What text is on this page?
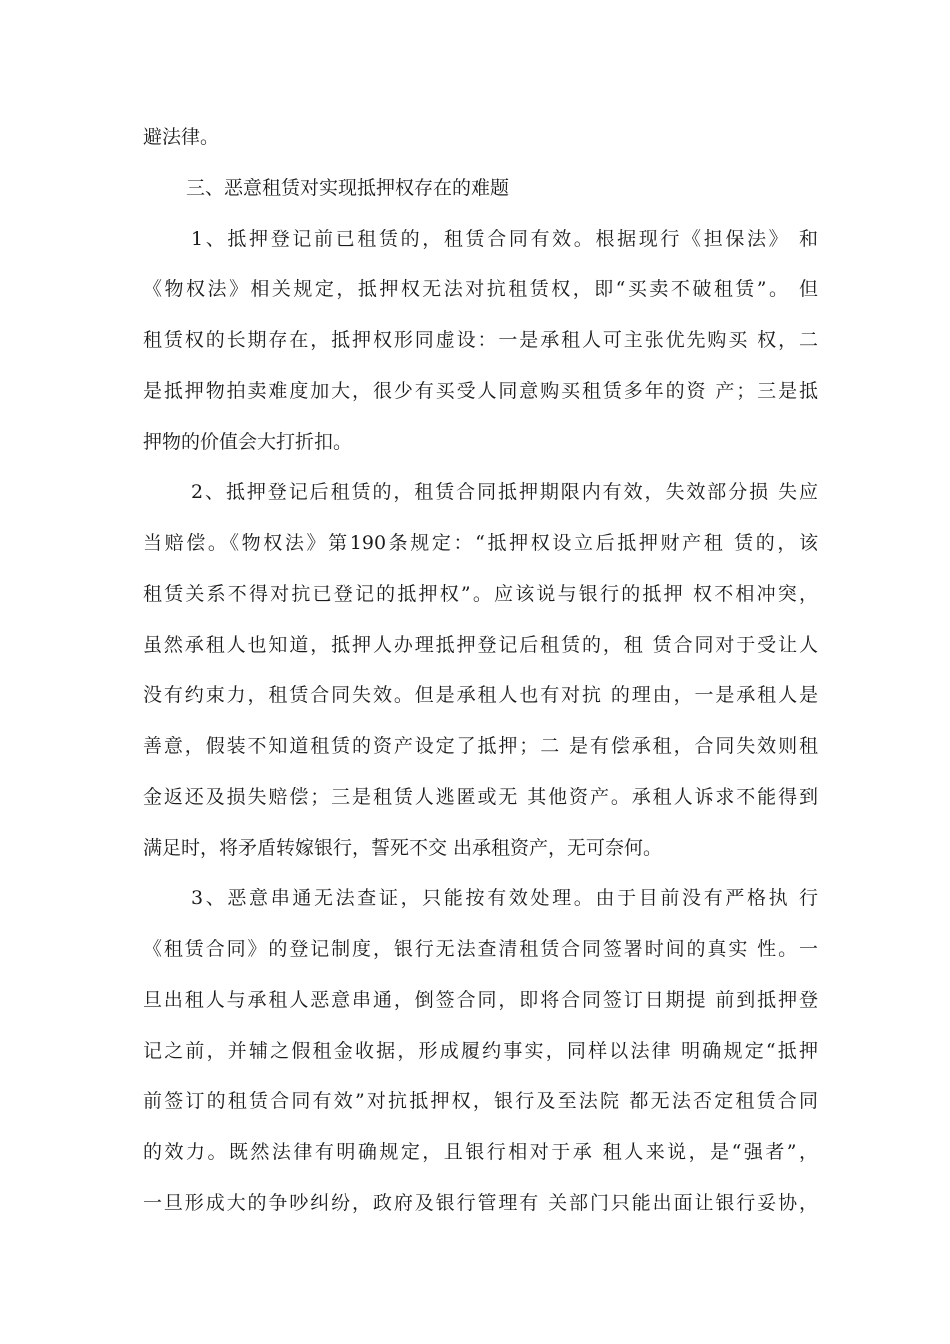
避法律。
三、恶意租赁对实现抵押权存在的难题
1、抵押登记前已租赁的，租赁合同有效。根据现行《担保法》 和
《物权法》相关规定，抵押权无法对抗租赁权，即“买卖不破租赁”。 但
租赁权的长期存在，抵押权形同虚设：一是承租人可主张优先购买 权，二
是抵押物拍卖难度加大，很少有买受人同意购买租赁多年的资 产；三是抵
押物的价值会大打折扣。
2、抵押登记后租赁的，租赁合同抵押期限内有效，失效部分损 失应
当赔偿。《物权法》第190条规定：“抵押权设立后抵押财产租 赁的，该
租赁关系不得对抗已登记的抵押权”。应该说与银行的抵押 权不相冲突，
虽然承租人也知道，抵押人办理抵押登记后租赁的，租 赁合同对于受让人
没有约束力，租赁合同失效。但是承租人也有对抗 的理由，一是承租人是
善意，假装不知道租赁的资产设定了抵押；二 是有偿承租，合同失效则租
金返还及损失赔偿；三是租赁人逃匿或无 其他资产。承租人诉求不能得到
满足时，将矛盾转嫁银行，誓死不交 出承租资产，无可奈何。
3、恶意串通无法查证，只能按有效处理。由于目前没有严格执 行
《租赁合同》的登记制度，银行无法查清租赁合同签署时间的真实 性。一
旦出租人与承租人恶意串通，倒签合同，即将合同签订日期提 前到抵押登
记之前，并辅之假租金收据，形成履约事实，同样以法律 明确规定“抵押
前签订的租赁合同有效”对抗抵押权，银行及至法院 都无法否定租赁合同
的效力。既然法律有明确规定，且银行相对于承 租人来说，是“强者”，
一旦形成大的争吵纠纷，政府及银行管理有 关部门只能出面让银行妥协，
